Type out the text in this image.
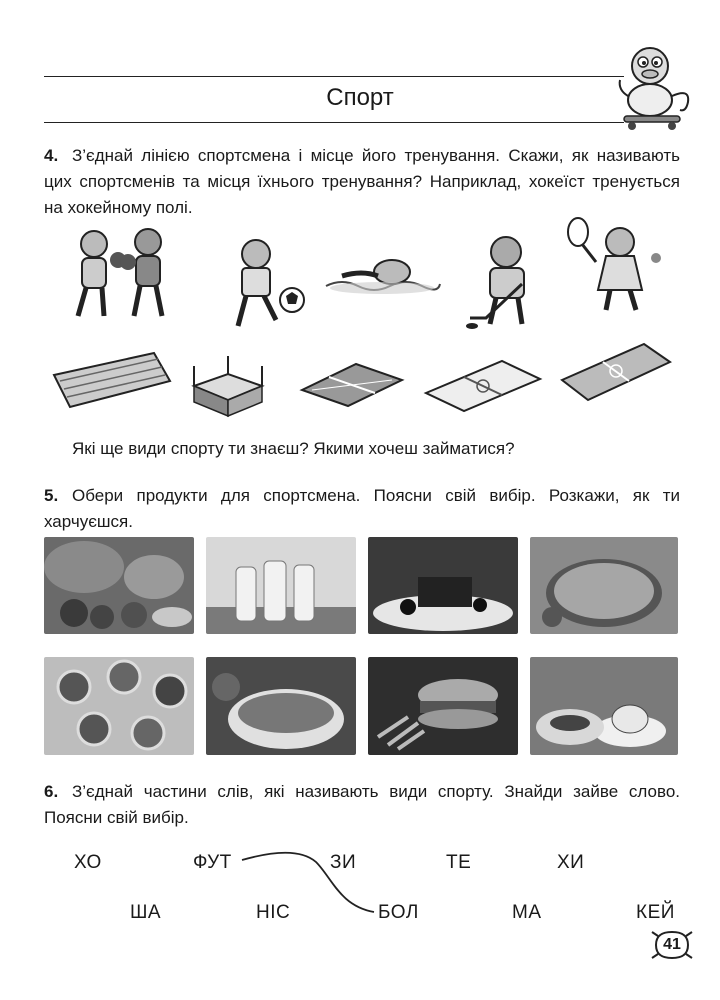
Спорт

4. З’єднай лінією спортсмена і місце його тренування. Скажи, як називають цих спортсменів та місця їхнього тренування? Наприклад, хокеїст тренується на хокейному полі.

Які ще види спорту ти знаєш? Якими хочеш займатися?

5. Обери продукти для спортсмена. Поясни свій вибір. Розкажи, як ти харчуєшся.

6. З’єднай частини слів, які називають види спорту. Знайди зайве слово. Поясни свій вибір.

ХО	ФУТ	ЗИ	ТЕ	ХИ
ША	НІС	БОЛ	МА	КЕЙ
41
